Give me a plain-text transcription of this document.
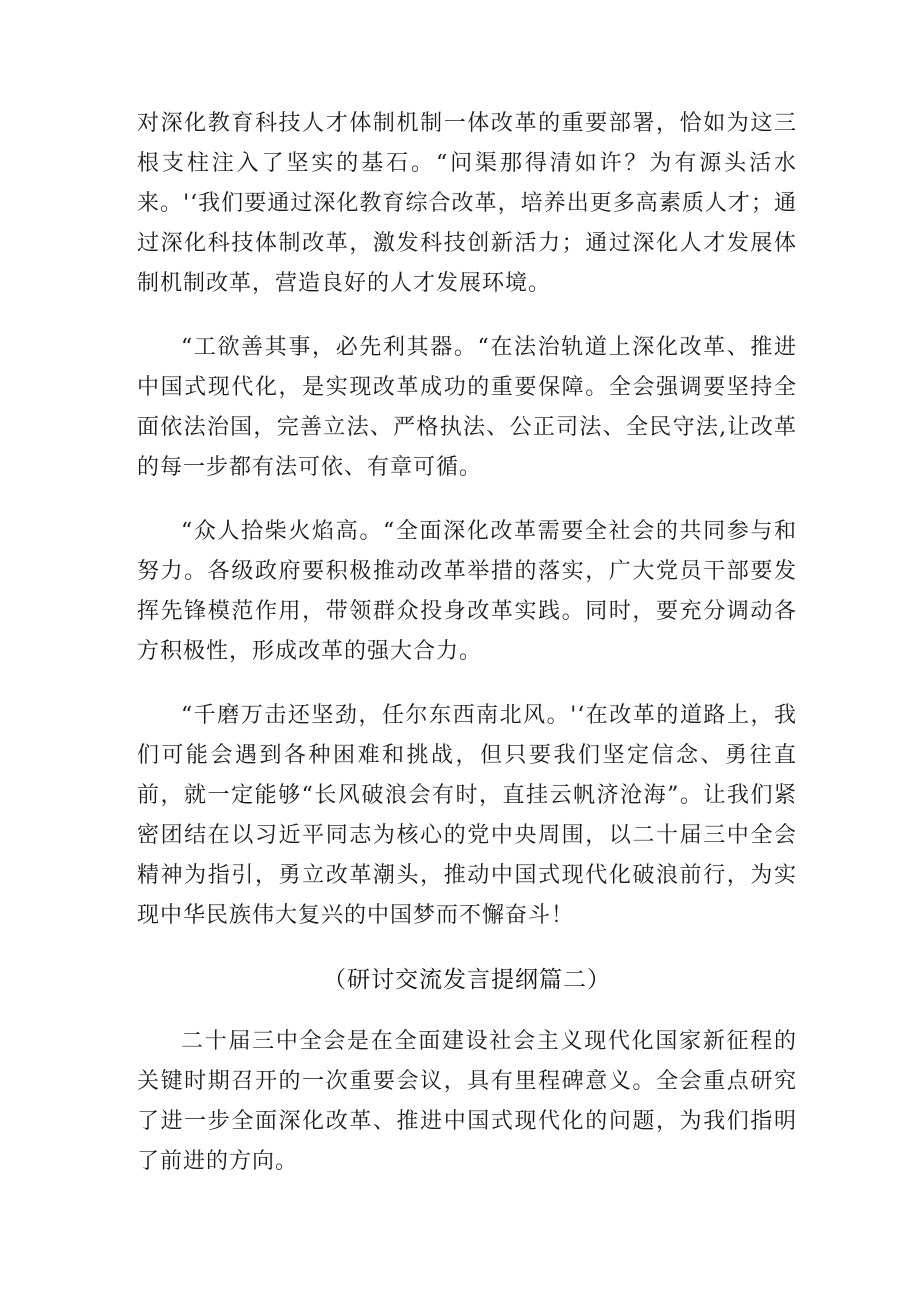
对深化教育科技人才体制机制一体改革的重要部署，恰如为这三根支柱注入了坚实的基石。“问渠那得清如许？为有源头活水来。'‘我们要通过深化教育综合改革，培养出更多高素质人才；通过深化科技体制改革，激发科技创新活力；通过深化人才发展体制机制改革，营造良好的人才发展环境。

“工欲善其事，必先利其器。“在法治轨道上深化改革、推进中国式现代化，是实现改革成功的重要保障。全会强调要坚持全面依法治国，完善立法、严格执法、公正司法、全民守法,让改革的每一步都有法可依、有章可循。

“众人拾柴火焰高。“全面深化改革需要全社会的共同参与和努力。各级政府要积极推动改革举措的落实，广大党员干部要发挥先锋模范作用，带领群众投身改革实践。同时，要充分调动各方积极性，形成改革的强大合力。

“千磨万击还坚劲，任尔东西南北风。'‘在改革的道路上，我们可能会遇到各种困难和挑战，但只要我们坚定信念、勇往直前，就一定能够“长风破浪会有时，直挂云帆济沧海”。让我们紧密团结在以习近平同志为核心的党中央周围，以二十届三中全会精神为指引，勇立改革潮头，推动中国式现代化破浪前行，为实现中华民族伟大复兴的中国梦而不懈奋斗！

（研讨交流发言提纲篇二）

二十届三中全会是在全面建设社会主义现代化国家新征程的关键时期召开的一次重要会议，具有里程碑意义。全会重点研究了进一步全面深化改革、推进中国式现代化的问题，为我们指明了前进的方向。
